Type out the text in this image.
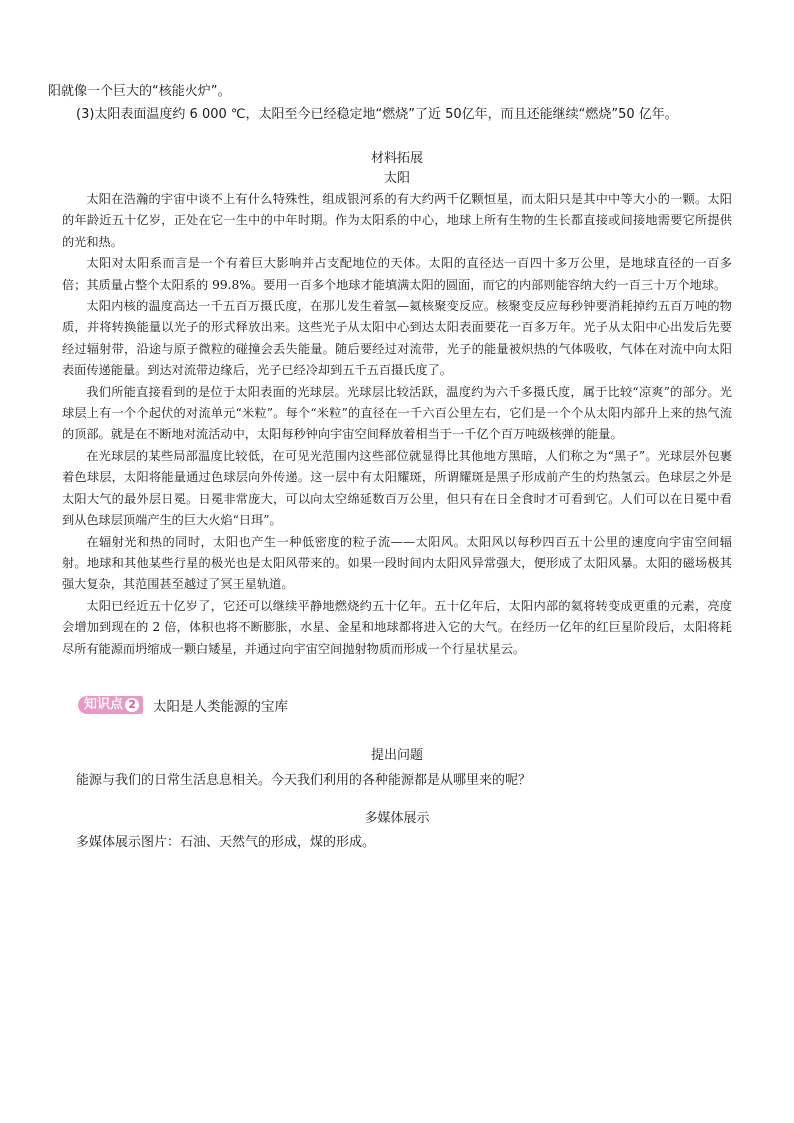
阳就像一个巨大的“核能火炉”。
(3)太阳表面温度约 6 000 ℃，太阳至今已经稳定地“燃烧”了近 50亿年，而且还能继续“燃烧”50 亿年。
材料拓展
太阳

太阳在浩瀚的宇宙中谈不上有什么特殊性，组成银河系的有大约两千亿颗恒星，而太阳只是其中中等大小的一颗。太阳的年龄近五十亿岁，正处在它一生中的中年时期。作为太阳系的中心，地球上所有生物的生长都直接或间接地需要它所提供的光和热。

太阳对太阳系而言是一个有着巨大影响并占支配地位的天体。太阳的直径达一百四十多万公里，是地球直径的一百多倍；其质量占整个太阳系的 99.8%。要用一百多个地球才能填满太阳的圆面，而它的内部则能容纳大约一百三十万个地球。

太阳内核的温度高达一千五百万摄氏度，在那儿发生着氢—氦核聚变反应。核聚变反应每秒钟要消耗掉约五百万吨的物质，并将转换能量以光子的形式释放出来。这些光子从太阳中心到达太阳表面要花一百多万年。光子从太阳中心出发后先要经过辐射带，沿途与原子微粒的碰撞会丢失能量。随后要经过对流带，光子的能量被炽热的气体吸收，气体在对流中向太阳表面传递能量。到达对流带边缘后，光子已经冷却到五千五百摄氏度了。

我们所能直接看到的是位于太阳表面的光球层。光球层比较活跃，温度约为六千多摄氏度，属于比较“凉爽”的部分。光球层上有一个个起伏的对流单元“米粒”。每个“米粒”的直径在一千六百公里左右，它们是一个个从太阳内部升上来的热气流的顶部。就是在不断地对流活动中，太阳每秒钟向宇宙空间释放着相当于一千亿个百万吨级核弹的能量。

在光球层的某些局部温度比较低，在可见光范围内这些部位就显得比其他地方黑暗，人们称之为“黑子”。光球层外包裹着色球层，太阳将能量通过色球层向外传递。这一层中有太阳耀斑，所谓耀斑是黑子形成前产生的灼热氢云。色球层之外是太阳大气的最外层日冕。日冕非常庞大，可以向太空绵延数百万公里，但只有在日全食时才可看到它。人们可以在日冕中看到从色球层顶端产生的巨大火焰“日珥”。

在辐射光和热的同时，太阳也产生一种低密度的粒子流——太阳风。太阳风以每秒四百五十公里的速度向宇宙空间辐射。地球和其他某些行星的极光也是太阳风带来的。如果一段时间内太阳风异常强大，便形成了太阳风暴。太阳的磁场极其强大复杂，其范围甚至越过了冥王星轨道。

太阳已经近五十亿岁了，它还可以继续平静地燃烧约五十亿年。五十亿年后，太阳内部的氦将转变成更重的元素，亮度会增加到现在的 2 倍，体积也将不断膨胀，水星、金星和地球都将进入它的大气。在经历一亿年的红巨星阶段后，太阳将耗尽所有能源而坍缩成一颗白矮星，并通过向宇宙空间抛射物质而形成一个行星状星云。

知识点 2 太阳是人类能源的宝库
提出问题
能源与我们的日常生活息息相关。今天我们利用的各种能源都是从哪里来的呢？
多媒体展示
多媒体展示图片：石油、天然气的形成，煤的形成。
